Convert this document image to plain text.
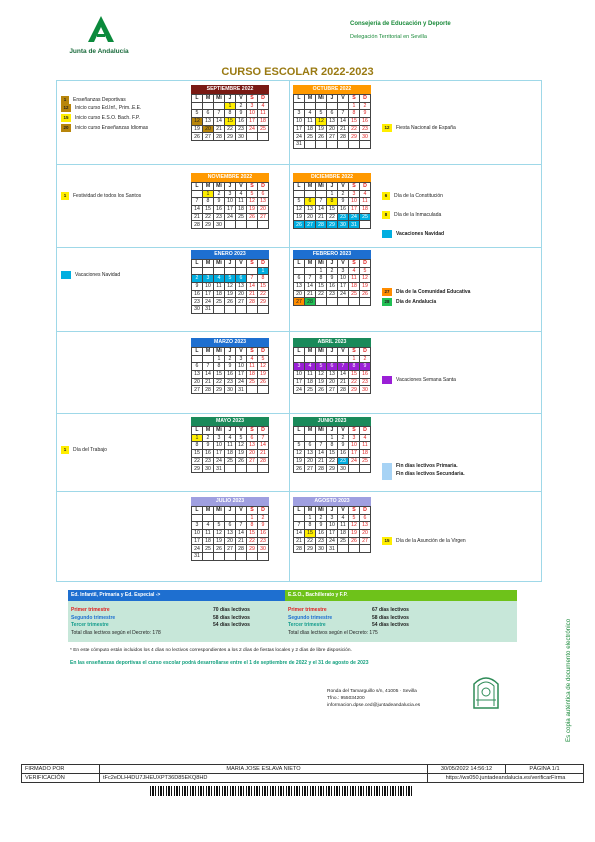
Junta de Andalucía
Consejería de Educación y Deporte
Delegación Territorial en Sevilla
CURSO ESCOLAR 2022-2023
SEPTIEMBRE 2022
L	M	Mi	J	V	S	D
			1	2	3	4
5	6	7	8	9	10	11
12	13	14	15	16	17	18
19	20	21	22	23	24	25
26	27	28	29	30		
OCTUBRE 2022
L	M	Mi	J	V	S	D
					1	2
3	4	5	6	7	8	9
10	11	12	13	14	15	16
17	18	19	20	21	22	23
24	25	26	27	28	29	30
31						
NOVIEMBRE 2022
L	M	Mi	J	V	S	D
	1	2	3	4	5	6
7	8	9	10	11	12	13
14	15	16	17	18	19	20
21	22	23	24	25	26	27
28	29	30				
DICIEMBRE 2022
L	M	Mi	J	V	S	D
			1	2	3	4
5	6	7	8	9	10	11
12	13	14	15	16	17	18
19	20	21	22	23	24	25
26	27	28	29	30	31	
ENERO 2023
L	M	Mi	J	V	S	D
						1
2	3	4	5	6	7	8
9	10	11	12	13	14	15
16	17	18	19	20	21	22
23	24	25	26	27	28	29
30	31					
FEBRERO 2023
L	M	Mi	J	V	S	D
		1	2	3	4	5
6	7	8	9	10	11	12
13	14	15	16	17	18	19
20	21	22	23	24	25	26
27	28					
MARZO 2023
L	M	Mi	J	V	S	D
		1	2	3	4	5
6	7	8	9	10	11	12
13	14	15	16	17	18	19
20	21	22	23	24	25	26
27	28	29	30	31		
ABRIL 2023
L	M	Mi	J	V	S	D
					1	2
3	4	5	6	7	8	9
10	11	12	13	14	15	16
17	18	19	20	21	22	23
24	25	26	27	28	29	30
MAYO 2023
L	M	Mi	J	V	S	D
1	2	3	4	5	6	7
8	9	10	11	12	13	14
15	16	17	18	19	20	21
22	23	24	25	26	27	28
29	30	31				
JUNIO 2023
L	M	Mi	J	V	S	D
			1	2	3	4
5	6	7	8	9	10	11
12	13	14	15	16	17	18
19	20	21	22	23	24	25
26	27	28	29	30		
JULIO 2023
L	M	Mi	J	V	S	D
					1	2
3	4	5	6	7	8	9
10	11	12	13	14	15	16
17	18	19	20	21	22	23
24	25	26	27	28	29	30
31						
AGOSTO 2023
L	M	Mi	J	V	S	D
	1	2	3	4	5	6
7	8	9	10	11	12	13
14	15	16	17	18	19	20
21	22	23	24	25	26	27
28	29	30	31			
1	Enseñanzas Deportivas
12	Inicio curso Ed.Inf., Prim..E.E.
15	Inicio curso E.S.O. Bach. F.P.
20	Inicio curso Enseñanzas Idiomas	12	Fiesta Nacional de España
1	Festividad de todos los Santos	6	Día de la Constitución
8	Día de la Inmaculada
Vacaciones Navidad
Vacaciones Navidad
27	Día de la Comunidad Educativa
28	Día de Andalucía
Vacaciones Semana Santa
1	Día del Trabajo
Fin días lectivos Primaria.
Fin días lectivos Secundaria.
15	Día de la Asunción de la Virgen
Ed. Infantil, Primaria y Ed. Especial ->
Primer trimestre	70 días lectivos
Segundo trimestre	58 días lectivos
Tercer trimestre	54 días lectivos
Total días lectivos según el Decreto: 178
E.S.O., Bachillerato y F.P.
Primer trimestre	67 días lectivos
Segundo trimestre	58 días lectivos
Tercer trimestre	54 días lectivos
Total días lectivos según el Decreto: 175
* En este cómputo están incluidos los 4 días no lectivos correspondientes a los 2 días de fiestas locales y 2 días de libre disposición.
En las enseñanzas deportivas el curso escolar podrá desarrollarse entre el 1 de septiembre de 2022 y el 31 de agosto de 2023
Ronda del Tamarguillo s/n, 41005 · Sevilla
Tfno.: 955034200
informacion.dpse.ced@juntadeandalucia.es	Es copia auténtica de documento electrónico
FIRMADO POR	MARIA JOSE ESLAVA NIETO	30/05/2022 14:56:12	PÁGINA 1/1
VERIFICACIÓN	tFc2eDLH4DU7JHEUXPT36D85EKQ8HD	https://ws050.juntadeandalucia.es/verificarFirma	
